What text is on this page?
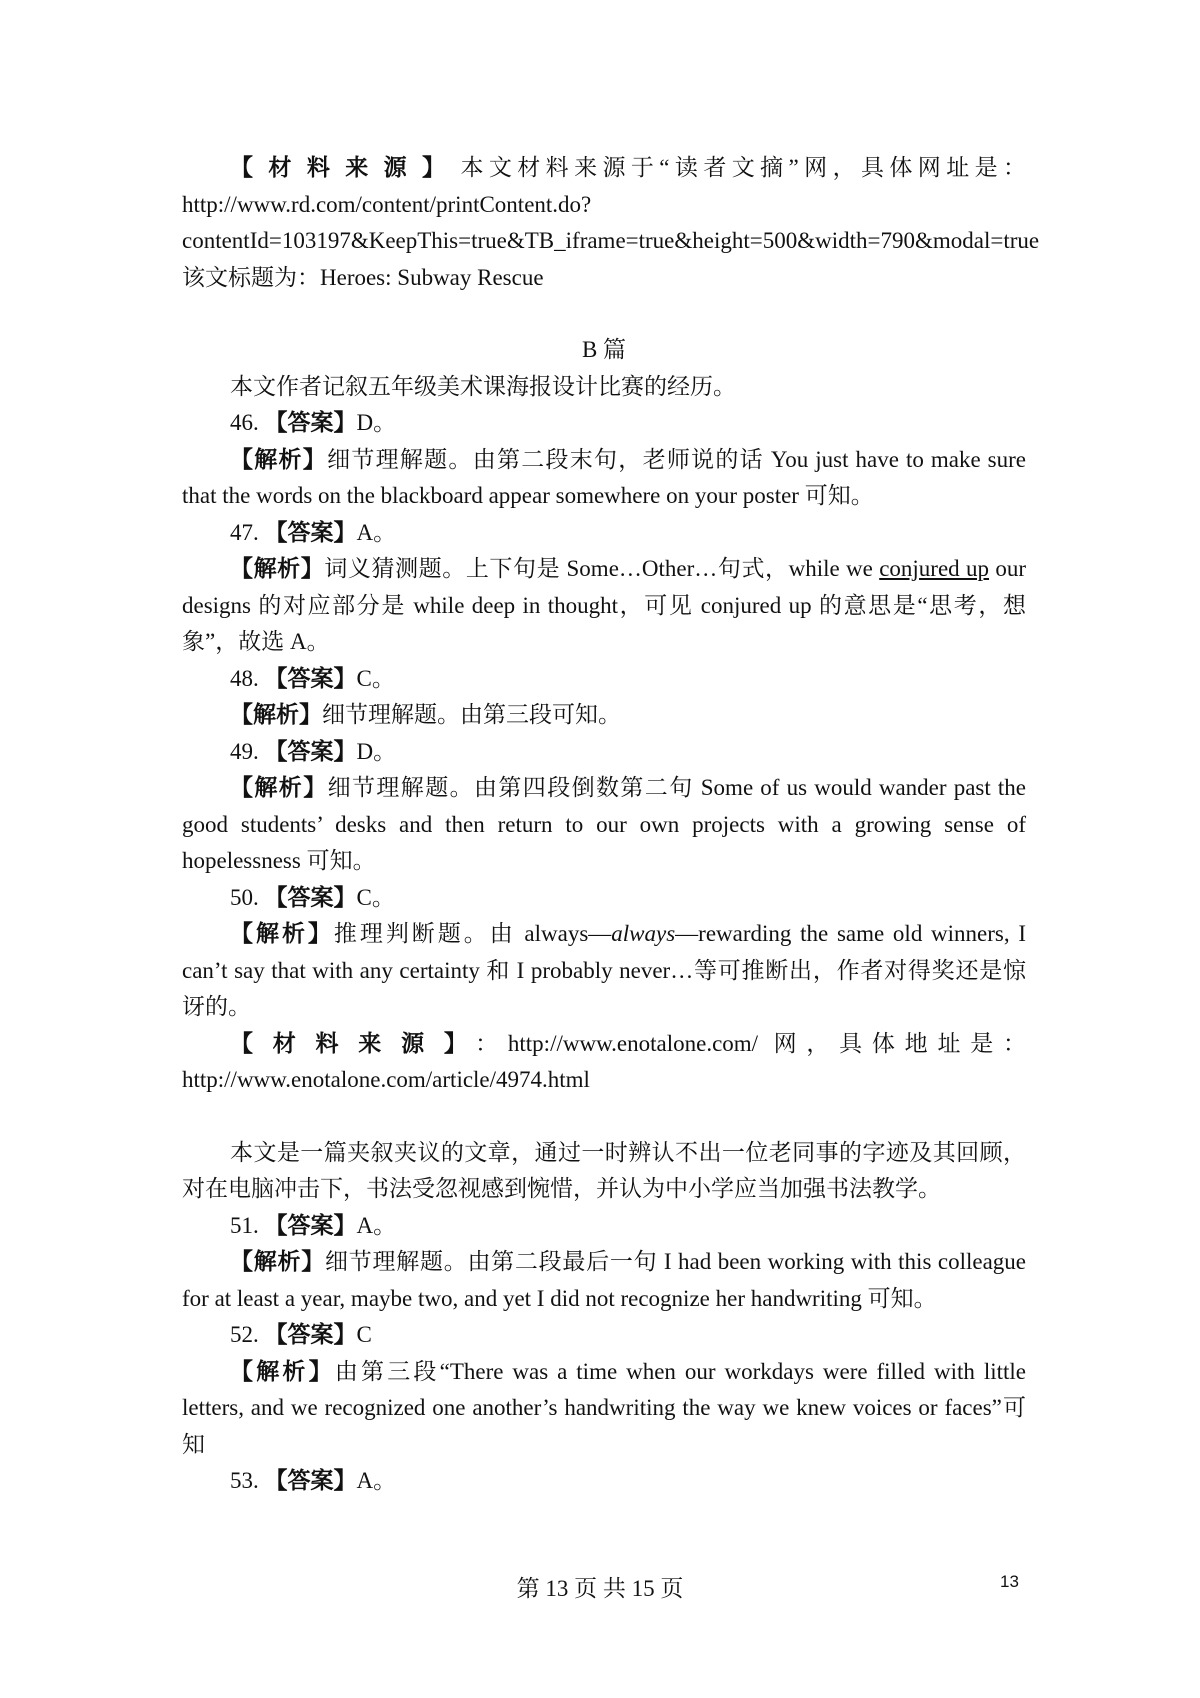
【材料来源】本文材料来源于“读者文摘”网，具体网址是：http://www.rd.com/content/printContent.do?contentId=103197&KeepThis=true&TB_iframe=true&height=500&width=790&modal=true 该文标题为：Heroes: Subway Rescue

B 篇

本文作者记叙五年级美术课海报设计比赛的经历。

46. 【答案】D。

【解析】细节理解题。由第二段末句，老师说的话 You just have to make sure that the words on the blackboard appear somewhere on your poster 可知。

47. 【答案】A。

【解析】词义猜测题。上下句是 Some…Other…句式，while we conjured up our designs 的对应部分是 while deep in thought，可见 conjured up 的意思是“思考，想象”，故选 A。

48. 【答案】C。

【解析】细节理解题。由第三段可知。

49. 【答案】D。

【解析】细节理解题。由第四段倒数第二句 Some of us would wander past the good students’ desks and then return to our own projects with a growing sense of hopelessness 可知。

50. 【答案】C。

【解析】推理判断题。由 always—always—rewarding the same old winners, I can’t say that with any certainty 和 I probably never…等可推断出，作者对得奖还是惊讶的。

【材料来源】：http://www.enotalone.com/ 网，具体地址是：http://www.enotalone.com/article/4974.html

本文是一篇夹叙夹议的文章，通过一时辨认不出一位老同事的字迹及其回顾，对在电脑冲击下，书法受忽视感到惋惜，并认为中小学应当加强书法教学。

51. 【答案】A。

【解析】细节理解题。由第二段最后一句 I had been working with this colleague for at least a year, maybe two, and yet I did not recognize her handwriting 可知。

52. 【答案】C

【解析】由第三段“There was a time when our workdays were filled with little letters, and we recognized one another’s handwriting the way we knew voices or faces”可知

53. 【答案】A。

第 13 页 共 15 页	13
